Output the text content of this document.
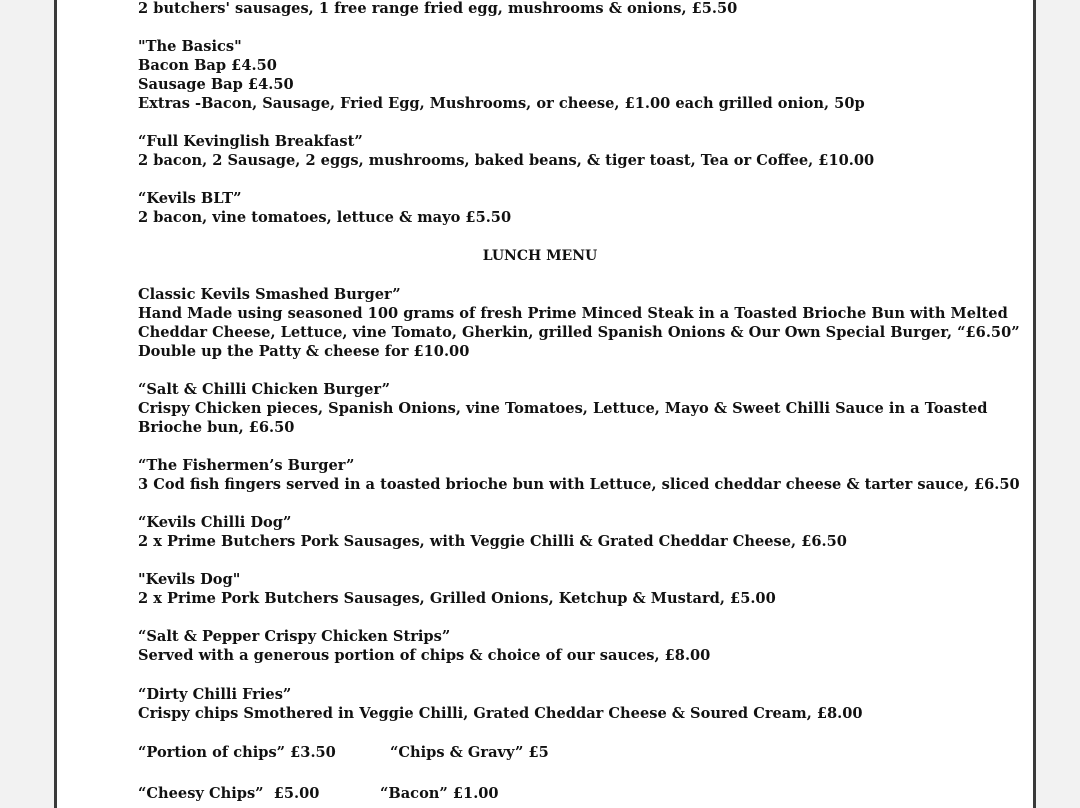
2 butchers' sausages, 1 free range fried egg, mushrooms & onions, £5.50
"The Basics"
Bacon Bap £4.50
Sausage Bap £4.50
Extras -Bacon, Sausage, Fried Egg, Mushrooms, or cheese, £1.00 each grilled onion, 50p
“Full Kevinglish Breakfast”
2 bacon, 2 Sausage, 2 eggs, mushrooms, baked beans, & tiger toast, Tea or Coffee, £10.00
“Kevils BLT”
2 bacon, vine tomatoes, lettuce & mayo £5.50
LUNCH MENU
Classic Kevils Smashed Burger”
Hand Made using seasoned 100 grams of fresh Prime Minced Steak in a Toasted Brioche Bun with Melted
Cheddar Cheese, Lettuce, vine Tomato, Gherkin, grilled Spanish Onions & Our Own Special Burger, “£6.50”
Double up the Patty & cheese for £10.00
“Salt & Chilli Chicken Burger”
Crispy Chicken pieces, Spanish Onions, vine Tomatoes, Lettuce, Mayo & Sweet Chilli Sauce in a Toasted
Brioche bun, £6.50
“The Fishermen’s Burger”
3 Cod fish fingers served in a toasted brioche bun with Lettuce, sliced cheddar cheese & tarter sauce, £6.50
“Kevils Chilli Dog”
2 x Prime Butchers Pork Sausages, with Veggie Chilli & Grated Cheddar Cheese, £6.50
"Kevils Dog"
2 x Prime Pork Butchers Sausages, Grilled Onions, Ketchup & Mustard, £5.00
“Salt & Pepper Crispy Chicken Strips”
Served with a generous portion of chips & choice of our sauces, £8.00
“Dirty Chilli Fries”
Crispy chips Smothered in Veggie Chilli, Grated Cheddar Cheese & Soured Cream, £8.00
“Portion of chips” £3.50	“Chips & Gravy” £5
“Cheesy Chips”  £5.00	“Bacon” £1.00
